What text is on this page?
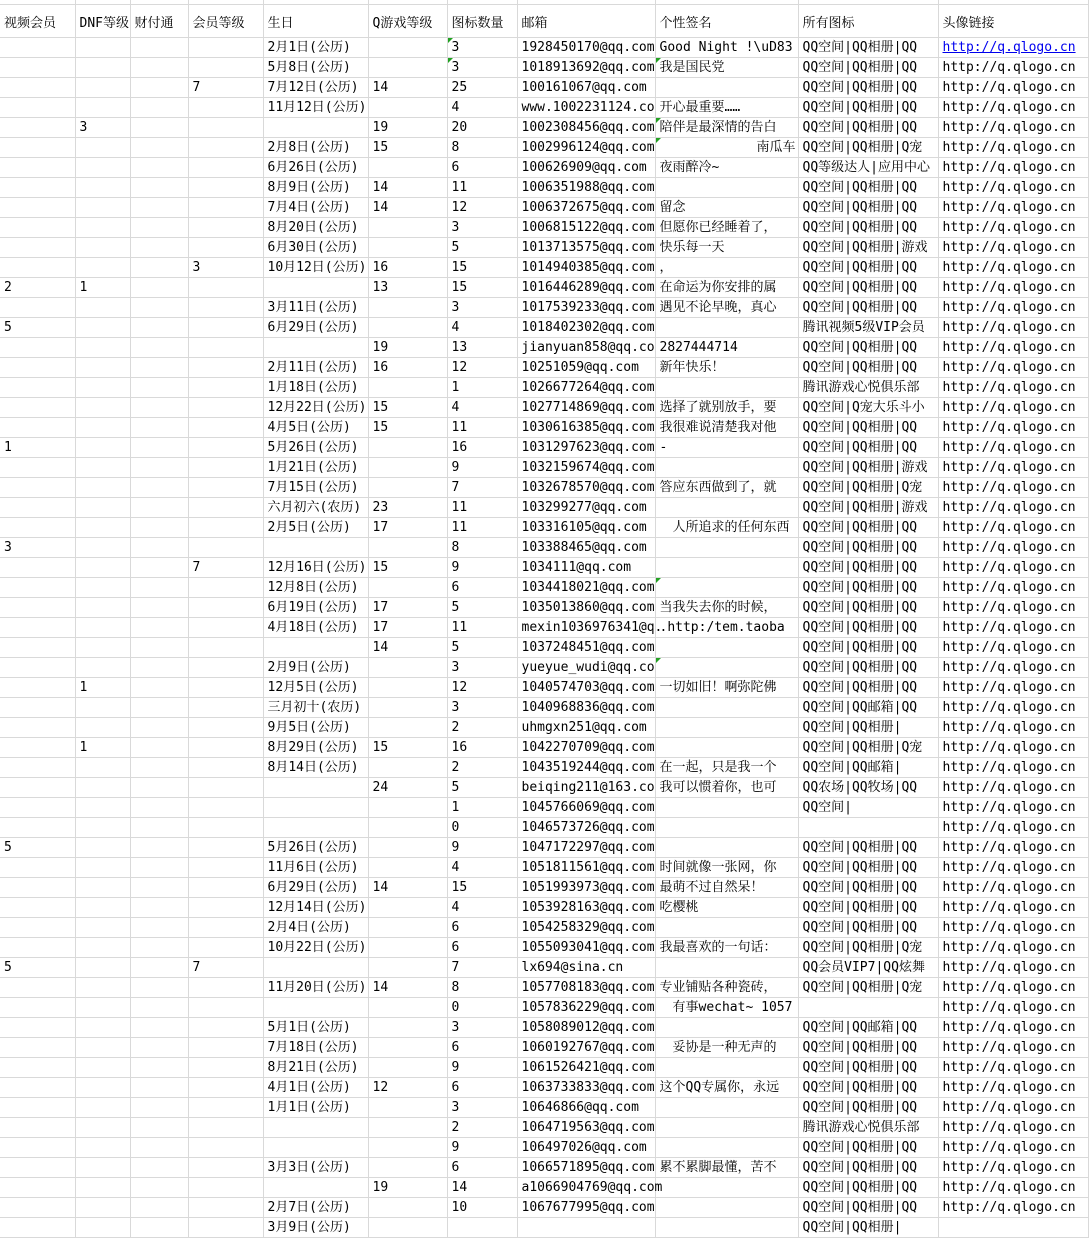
视频会员	DNF等级	财付通	会员等级	生日	Q游戏等级	图标数量	邮箱	个性签名	所有图标	头像链接
				2月1日(公历)		3	1928450170@qq.com	Good Night !\uD83	QQ空间|QQ相册|QQ	http://q.qlogo.cn
				5月8日(公历)		3	1018913692@qq.com	我是国民党	QQ空间|QQ相册|QQ	http://q.qlogo.cn
			7	7月12日(公历)	14	25	100161067@qq.com		QQ空间|QQ相册|QQ	http://q.qlogo.cn
				11月12日(公历)		4	www.1002231124.co	开心最重要……	QQ空间|QQ相册|QQ	http://q.qlogo.cn
	3				19	20	1002308456@qq.com	陪伴是最深情的告白	QQ空间|QQ相册|QQ	http://q.qlogo.cn
				2月8日(公历)	15	8	1002996124@qq.com	南瓜车	QQ空间|QQ相册|Q宠	http://q.qlogo.cn
				6月26日(公历)		6	100626909@qq.com	夜雨醉冷~	QQ等级达人|应用中心	http://q.qlogo.cn
				8月9日(公历)	14	11	1006351988@qq.com		QQ空间|QQ相册|QQ	http://q.qlogo.cn
				7月4日(公历)	14	12	1006372675@qq.com	留念	QQ空间|QQ相册|QQ	http://q.qlogo.cn
				8月20日(公历)		3	1006815122@qq.com	但愿你已经睡着了，	QQ空间|QQ相册|QQ	http://q.qlogo.cn
				6月30日(公历)		5	1013713575@qq.com	快乐每一天	QQ空间|QQ相册|游戏	http://q.qlogo.cn
			3	10月12日(公历)	16	15	1014940385@qq.com	，	QQ空间|QQ相册|QQ	http://q.qlogo.cn
2	1				13	15	1016446289@qq.com	在命运为你安排的属	QQ空间|QQ相册|QQ	http://q.qlogo.cn
				3月11日(公历)		3	1017539233@qq.com	遇见不论早晚，真心	QQ空间|QQ相册|QQ	http://q.qlogo.cn
5				6月29日(公历)		4	1018402302@qq.com		腾讯视频5级VIP会员	http://q.qlogo.cn
					19	13	jianyuan858@qq.co	2827444714	QQ空间|QQ相册|QQ	http://q.qlogo.cn
				2月11日(公历)	16	12	10251059@qq.com	新年快乐！	QQ空间|QQ相册|QQ	http://q.qlogo.cn
				1月18日(公历)		1	1026677264@qq.com		腾讯游戏心悦俱乐部	http://q.qlogo.cn
				12月22日(公历)	15	4	1027714869@qq.com	选择了就别放手，要	QQ空间|Q宠大乐斗小	http://q.qlogo.cn
				4月5日(公历)	15	11	1030616385@qq.com	我很难说清楚我对他	QQ空间|QQ相册|QQ	http://q.qlogo.cn
1				5月26日(公历)		16	1031297623@qq.com	-	QQ空间|QQ相册|QQ	http://q.qlogo.cn
				1月21日(公历)		9	1032159674@qq.com		QQ空间|QQ相册|游戏	http://q.qlogo.cn
				7月15日(公历)		7	1032678570@qq.com	答应东西做到了，就	QQ空间|QQ相册|Q宠	http://q.qlogo.cn
				六月初六(农历)	23	11	103299277@qq.com		QQ空间|QQ相册|游戏	http://q.qlogo.cn
				2月5日(公历)	17	11	103316105@qq.com	　人所追求的任何东西	QQ空间|QQ相册|QQ	http://q.qlogo.cn
3						8	103388465@qq.com		QQ空间|QQ相册|QQ	http://q.qlogo.cn
			7	12月16日(公历)	15	9	1034111@qq.com		QQ空间|QQ相册|QQ	http://q.qlogo.cn
				12月8日(公历)		6	1034418021@qq.com		QQ空间|QQ相册|QQ	http://q.qlogo.cn
				6月19日(公历)	17	5	1035013860@qq.com	当我失去你的时候，	QQ空间|QQ相册|QQ	http://q.qlogo.cn
				4月18日(公历)	17	11	mexin1036976341@q.	.http:/tem.taoba	QQ空间|QQ相册|QQ	http://q.qlogo.cn
					14	5	1037248451@qq.com		QQ空间|QQ相册|QQ	http://q.qlogo.cn
				2月9日(公历)		3	yueyue_wudi@qq.co		QQ空间|QQ相册|QQ	http://q.qlogo.cn
	1			12月5日(公历)		12	1040574703@qq.com	一切如旧！啊弥陀佛	QQ空间|QQ相册|QQ	http://q.qlogo.cn
				三月初十(农历)		3	1040968836@qq.com		QQ空间|QQ邮箱|QQ	http://q.qlogo.cn
				9月5日(公历)		2	uhmgxn251@qq.com		QQ空间|QQ相册|	http://q.qlogo.cn
	1			8月29日(公历)	15	16	1042270709@qq.com		QQ空间|QQ相册|Q宠	http://q.qlogo.cn
				8月14日(公历)		2	1043519244@qq.com	在一起，只是我一个	QQ空间|QQ邮箱|	http://q.qlogo.cn
					24	5	beiqing211@163.co	我可以惯着你，也可	QQ农场|QQ牧场|QQ	http://q.qlogo.cn
						1	1045766069@qq.com		QQ空间|	http://q.qlogo.cn
						0	1046573726@qq.com			http://q.qlogo.cn
5				5月26日(公历)		9	1047172297@qq.com		QQ空间|QQ相册|QQ	http://q.qlogo.cn
				11月6日(公历)		4	1051811561@qq.com	时间就像一张网，你	QQ空间|QQ相册|QQ	http://q.qlogo.cn
				6月29日(公历)	14	15	1051993973@qq.com	最萌不过自然呆！	QQ空间|QQ相册|QQ	http://q.qlogo.cn
				12月14日(公历)		4	1053928163@qq.com	吃樱桃	QQ空间|QQ相册|QQ	http://q.qlogo.cn
				2月4日(公历)		6	1054258329@qq.com		QQ空间|QQ相册|QQ	http://q.qlogo.cn
				10月22日(公历)		6	1055093041@qq.com	我最喜欢的一句话：	QQ空间|QQ相册|Q宠	http://q.qlogo.cn
5			7			7	lx694@sina.cn		QQ会员VIP7|QQ炫舞	http://q.qlogo.cn
				11月20日(公历)	14	8	1057708183@qq.com	专业铺贴各种瓷砖，	QQ空间|QQ相册|Q宠	http://q.qlogo.cn
						0	1057836229@qq.com	　有事wechat~ 1057		http://q.qlogo.cn
				5月1日(公历)		3	1058089012@qq.com		QQ空间|QQ邮箱|QQ	http://q.qlogo.cn
				7月18日(公历)		6	1060192767@qq.com	　妥协是一种无声的	QQ空间|QQ相册|QQ	http://q.qlogo.cn
				8月21日(公历)		9	1061526421@qq.com		QQ空间|QQ相册|QQ	http://q.qlogo.cn
				4月1日(公历)	12	6	1063733833@qq.com	这个QQ专属你，永远	QQ空间|QQ相册|QQ	http://q.qlogo.cn
				1月1日(公历)		3	10646866@qq.com		QQ空间|QQ相册|QQ	http://q.qlogo.cn
						2	1064719563@qq.com		腾讯游戏心悦俱乐部	http://q.qlogo.cn
						9	106497026@qq.com		QQ空间|QQ相册|QQ	http://q.qlogo.cn
				3月3日(公历)		6	1066571895@qq.com	累不累脚最懂，苦不	QQ空间|QQ相册|QQ	http://q.qlogo.cn
					19	14	a1066904769@qq.com		QQ空间|QQ相册|QQ	http://q.qlogo.cn
				2月7日(公历)		10	1067677995@qq.com		QQ空间|QQ相册|QQ	http://q.qlogo.cn
				3月9日(公历)					QQ空间|QQ相册|	
